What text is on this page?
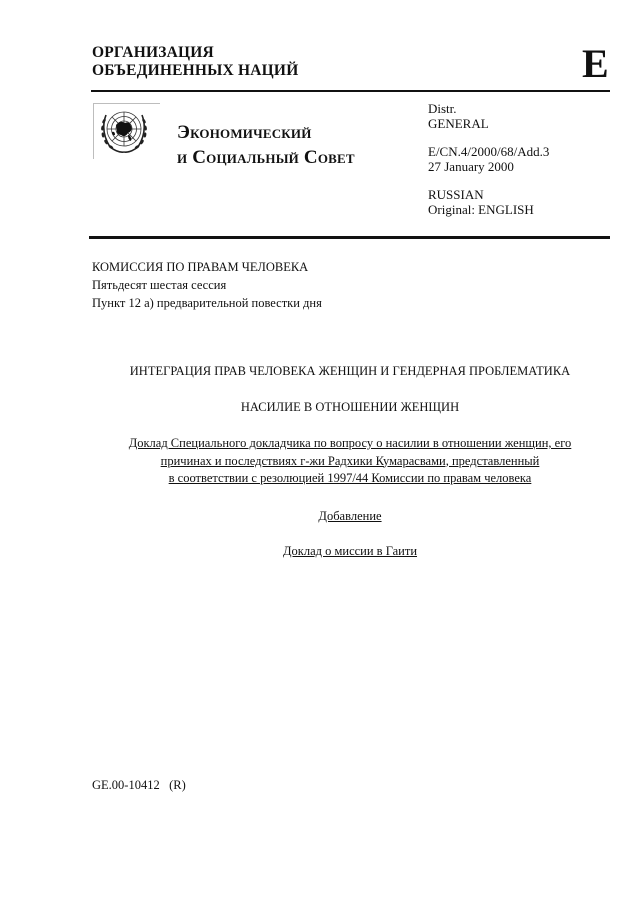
ОРГАНИЗАЦИЯ
ОБЪЕДИНЕННЫХ НАЦИЙ	E
Экономический
и Социальный Совет
Distr.
GENERAL
E/CN.4/2000/68/Add.3
27 January 2000
RUSSIAN
Original: ENGLISH
КОМИССИЯ ПО ПРАВАМ ЧЕЛОВЕКА
Пятьдесят шестая сессия
Пункт 12 а) предварительной повестки дня
ИНТЕГРАЦИЯ ПРАВ ЧЕЛОВЕКА ЖЕНЩИН И ГЕНДЕРНАЯ ПРОБЛЕМАТИКА
НАСИЛИЕ В ОТНОШЕНИИ ЖЕНЩИН
Доклад Специального докладчика по вопросу о насилии в отношении женщин, его
причинах и последствиях г-жи Радхики Кумарасвами, представленный
в соответствии с резолюцией 1997/44 Комиссии по правам человека
Добавление
Доклад о миссии в Гаити
GE.00-10412   (R)
